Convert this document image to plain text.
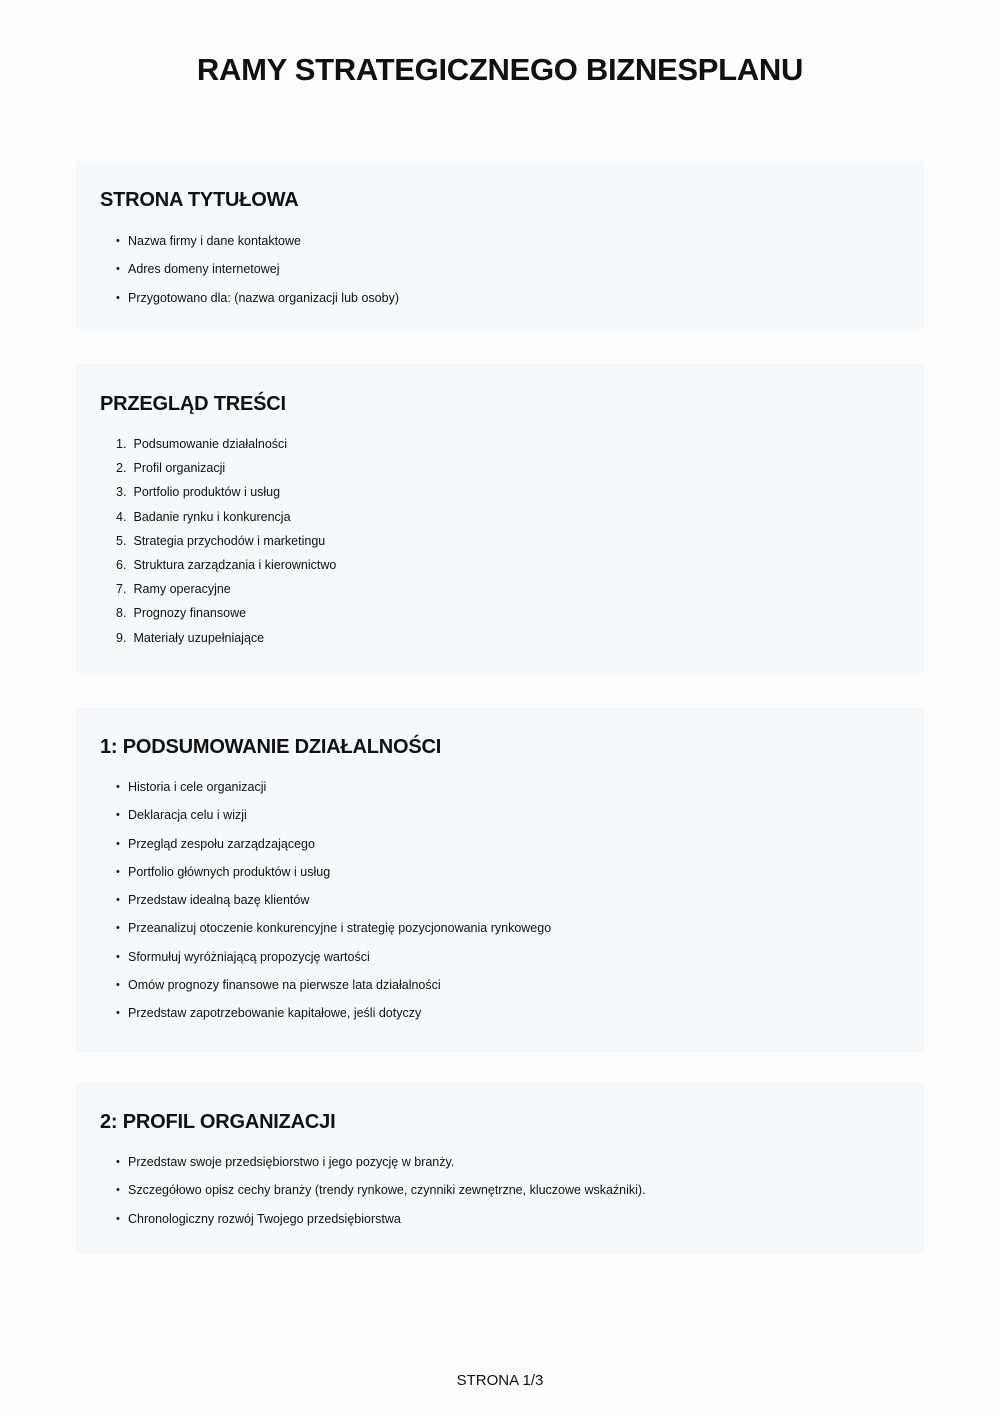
RAMY STRATEGICZNEGO BIZNESPLANU
STRONA TYTUŁOWA
• Nazwa firmy i dane kontaktowe
• Adres domeny internetowej
• Przygotowano dla: (nazwa organizacji lub osoby)
PRZEGLĄD TREŚCI
1. Podsumowanie działalności
2. Profil organizacji
3. Portfolio produktów i usług
4. Badanie rynku i konkurencja
5. Strategia przychodów i marketingu
6. Struktura zarządzania i kierownictwo
7. Ramy operacyjne
8. Prognozy finansowe
9. Materiały uzupełniające
1: PODSUMOWANIE DZIAŁALNOŚCI
• Historia i cele organizacji
• Deklaracja celu i wizji
• Przegląd zespołu zarządzającego
• Portfolio głównych produktów i usług
• Przedstaw idealną bazę klientów
• Przeanalizuj otoczenie konkurencyjne i strategię pozycjonowania rynkowego
• Sformułuj wyróżniającą propozycję wartości
• Omów prognozy finansowe na pierwsze lata działalności
• Przedstaw zapotrzebowanie kapitałowe, jeśli dotyczy
2: PROFIL ORGANIZACJI
• Przedstaw swoje przedsiębiorstwo i jego pozycję w branży.
• Szczegółowo opisz cechy branży (trendy rynkowe, czynniki zewnętrzne, kluczowe wskaźniki).
• Chronologiczny rozwój Twojego przedsiębiorstwa
STRONA 1/3
